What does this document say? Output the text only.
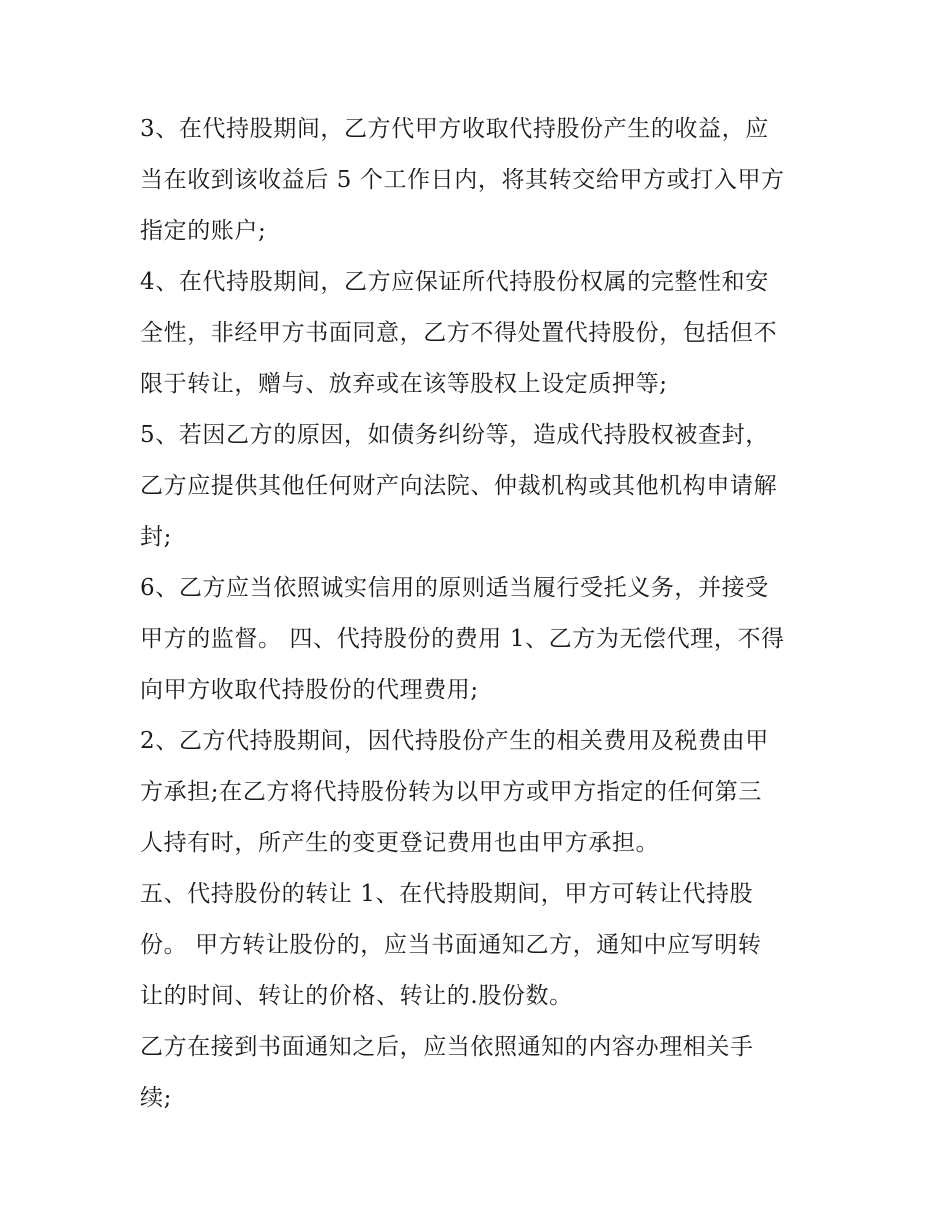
3、在代持股期间，乙方代甲方收取代持股份产生的收益，应
当在收到该收益后 5 个工作日内，将其转交给甲方或打入甲方
指定的账户;

4、在代持股期间，乙方应保证所代持股份权属的完整性和安
全性，非经甲方书面同意，乙方不得处置代持股份，包括但不
限于转让，赠与、放弃或在该等股权上设定质押等;

5、若因乙方的原因，如债务纠纷等，造成代持股权被查封，
乙方应提供其他任何财产向法院、仲裁机构或其他机构申请解
封;

6、乙方应当依照诚实信用的原则适当履行受托义务，并接受
甲方的监督。 四、代持股份的费用 1、乙方为无偿代理，不得
向甲方收取代持股份的代理费用;

2、乙方代持股期间，因代持股份产生的相关费用及税费由甲
方承担;在乙方将代持股份转为以甲方或甲方指定的任何第三
人持有时，所产生的变更登记费用也由甲方承担。

五、代持股份的转让 1、在代持股期间，甲方可转让代持股
份。 甲方转让股份的，应当书面通知乙方，通知中应写明转
让的时间、转让的价格、转让的.股份数。

乙方在接到书面通知之后，应当依照通知的内容办理相关手
续;
